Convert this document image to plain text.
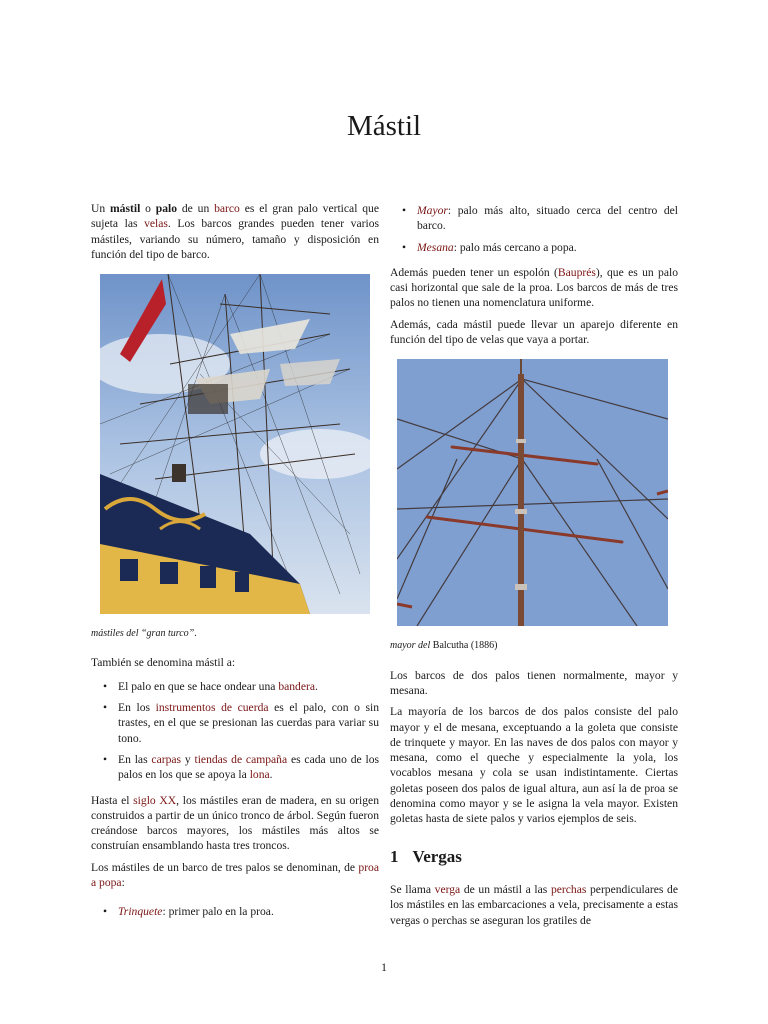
Mástil

Un mástil o palo de un barco es el gran palo vertical que sujeta las velas. Los barcos grandes pueden tener varios mástiles, variando su número, tamaño y disposición en función del tipo de barco.

mástiles del “gran turco”.

También se denomina mástil a:

• El palo en que se hace ondear una bandera.
• En los instrumentos de cuerda es el palo, con o sin trastes, en el que se presionan las cuerdas para variar su tono.
• En las carpas y tiendas de campaña es cada uno de los palos en los que se apoya la lona.

Hasta el siglo XX, los mástiles eran de madera, en su origen construidos a partir de un único tronco de árbol. Según fueron creándose barcos mayores, los mástiles más altos se construían ensamblando hasta tres troncos.

Los mástiles de un barco de tres palos se denominan, de proa a popa:

• Trinquete: primer palo en la proa.
• Mayor: palo más alto, situado cerca del centro del barco.
• Mesana: palo más cercano a popa.

Además pueden tener un espolón (Bauprés), que es un palo casi horizontal que sale de la proa. Los barcos de más de tres palos no tienen una nomenclatura uniforme.

Además, cada mástil puede llevar un aparejo diferente en función del tipo de velas que vaya a portar.

mayor del Balcutha (1886)

Los barcos de dos palos tienen normalmente, mayor y mesana.

La mayoría de los barcos de dos palos consiste del palo mayor y el de mesana, exceptuando a la goleta que consiste de trinquete y mayor. En las naves de dos palos con mayor y mesana, como el queche y especialmente la yola, los vocablos mesana y cola se usan indistintamente. Ciertas goletas poseen dos palos de igual altura, aun así la de proa se denomina como mayor y se le asigna la vela mayor. Existen goletas hasta de siete palos y varios ejemplos de seis.

1 Vergas

Se llama verga de un mástil a las perchas perpendiculares de los mástiles en las embarcaciones a vela, precisamente a estas vergas o perchas se aseguran los gratiles de

1
